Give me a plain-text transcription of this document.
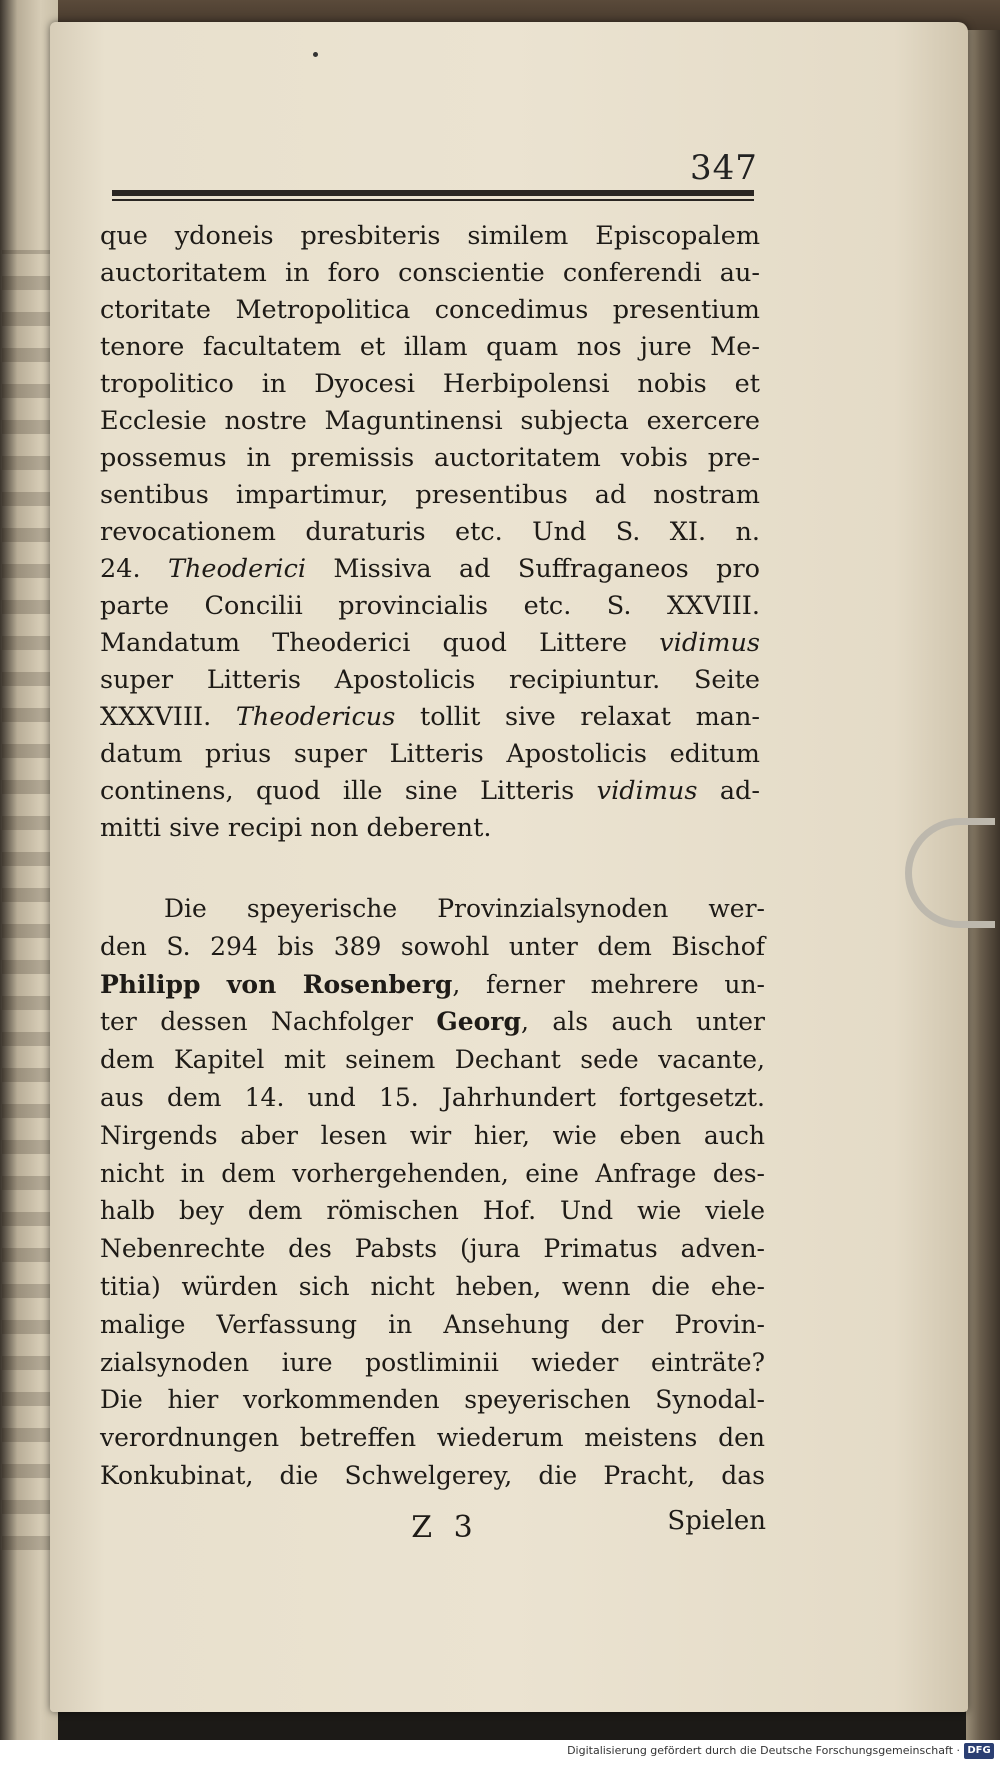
347
que ydoneis presbiteris similem Episcopalem
auctoritatem in foro conscientie conferendi au-
ctoritate Metropolitica concedimus presentium
tenore facultatem et illam quam nos jure Me-
tropolitico in Dyocesi Herbipolensi nobis et
Ecclesie nostre Maguntinensi subjecta exercere
possemus in premissis auctoritatem vobis pre-
sentibus impartimur, presentibus ad nostram
revocationem duraturis etc. Und S. XI. n.
24. Theoderici Missiva ad Suffraganeos pro
parte Concilii provincialis etc. S. XXVIII.
Mandatum Theoderici quod Littere vidimus
super Litteris Apostolicis recipiuntur. Seite
XXXVIII. Theodericus tollit sive relaxat man-
datum prius super Litteris Apostolicis editum
continens, quod ille sine Litteris vidimus ad-
mitti sive recipi non deberent.
Die speyerische Provinzialsynoden wer-
den S. 294 bis 389 sowohl unter dem Bischof
Philipp von Rosenberg, ferner mehrere un-
ter dessen Nachfolger Georg, als auch unter
dem Kapitel mit seinem Dechant sede vacante,
aus dem 14. und 15. Jahrhundert fortgesetzt.
Nirgends aber lesen wir hier, wie eben auch
nicht in dem vorhergehenden, eine Anfrage des-
halb bey dem römischen Hof. Und wie viele
Nebenrechte des Pabsts (jura Primatus adven-
titia) würden sich nicht heben, wenn die ehe-
malige Verfassung in Ansehung der Provin-
zialsynoden iure postliminii wieder einträte?
Die hier vorkommenden speyerischen Synodal-
verordnungen betreffen wiederum meistens den
Konkubinat, die Schwelgerey, die Pracht, das
Z 3	Spielen
Digitalisierung gefördert durch die Deutsche Forschungsgemeinschaft · DFG
